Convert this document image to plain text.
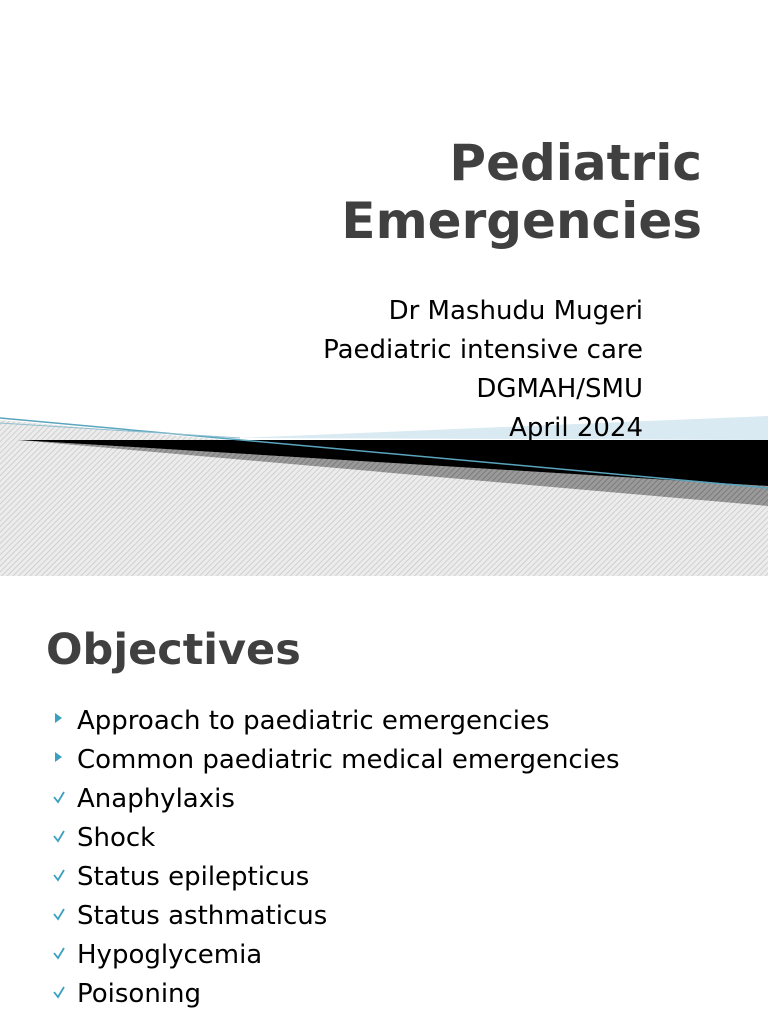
Pediatric
Emergencies
Dr Mashudu Mugeri
Paediatric intensive care
DGMAH/SMU
April 2024
Objectives
Approach to paediatric emergencies
Common paediatric medical emergencies
Anaphylaxis
Shock
Status epilepticus
Status asthmaticus
Hypoglycemia
Poisoning
